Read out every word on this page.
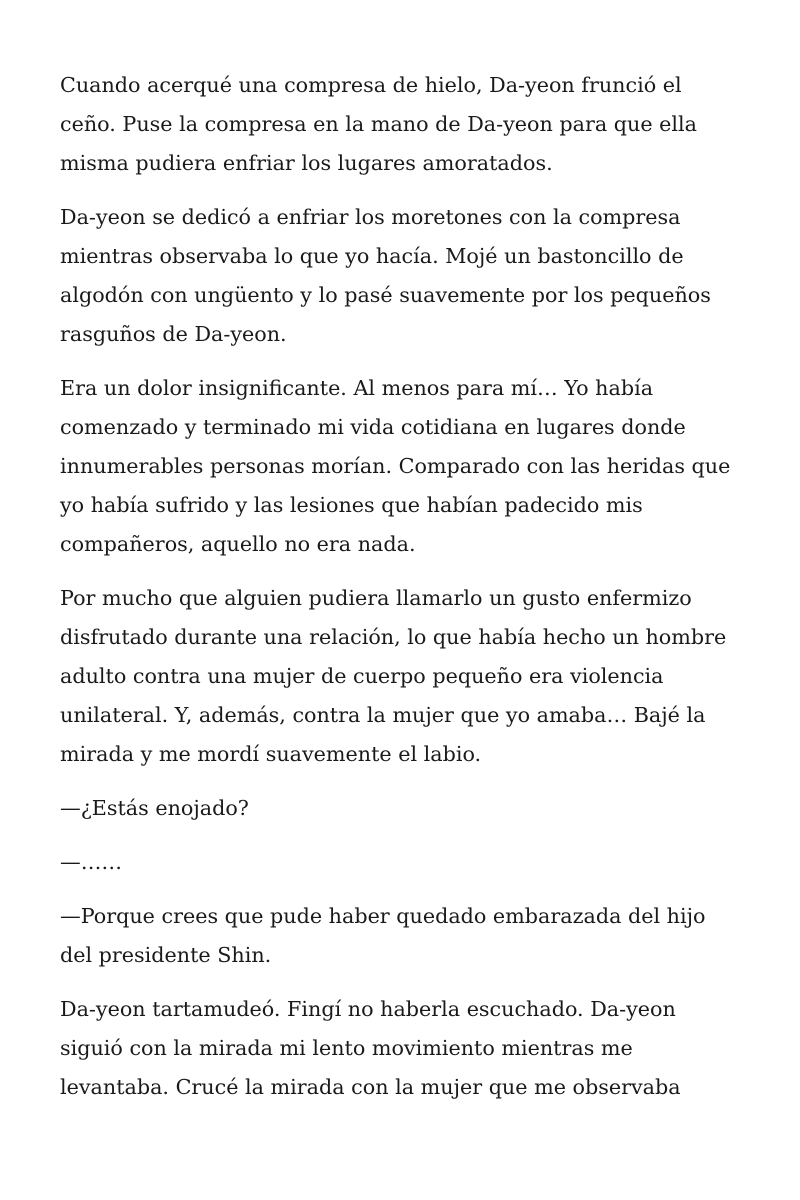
Cuando acerqué una compresa de hielo, Da-yeon frunció el ceño. Puse la compresa en la mano de Da-yeon para que ella misma pudiera enfriar los lugares amoratados.

Da-yeon se dedicó a enfriar los moretones con la compresa mientras observaba lo que yo hacía. Mojé un bastoncillo de algodón con ungüento y lo pasé suavemente por los pequeños rasguños de Da-yeon.

Era un dolor insignificante. Al menos para mí… Yo había comenzado y terminado mi vida cotidiana en lugares donde innumerables personas morían. Comparado con las heridas que yo había sufrido y las lesiones que habían padecido mis compañeros, aquello no era nada.

Por mucho que alguien pudiera llamarlo un gusto enfermizo disfrutado durante una relación, lo que había hecho un hombre adulto contra una mujer de cuerpo pequeño era violencia unilateral. Y, además, contra la mujer que yo amaba… Bajé la mirada y me mordí suavemente el labio.

—¿Estás enojado?

—……

—Porque crees que pude haber quedado embarazada del hijo del presidente Shin.

Da-yeon tartamudeó. Fingí no haberla escuchado. Da-yeon siguió con la mirada mi lento movimiento mientras me levantaba. Crucé la mirada con la mujer que me observaba
